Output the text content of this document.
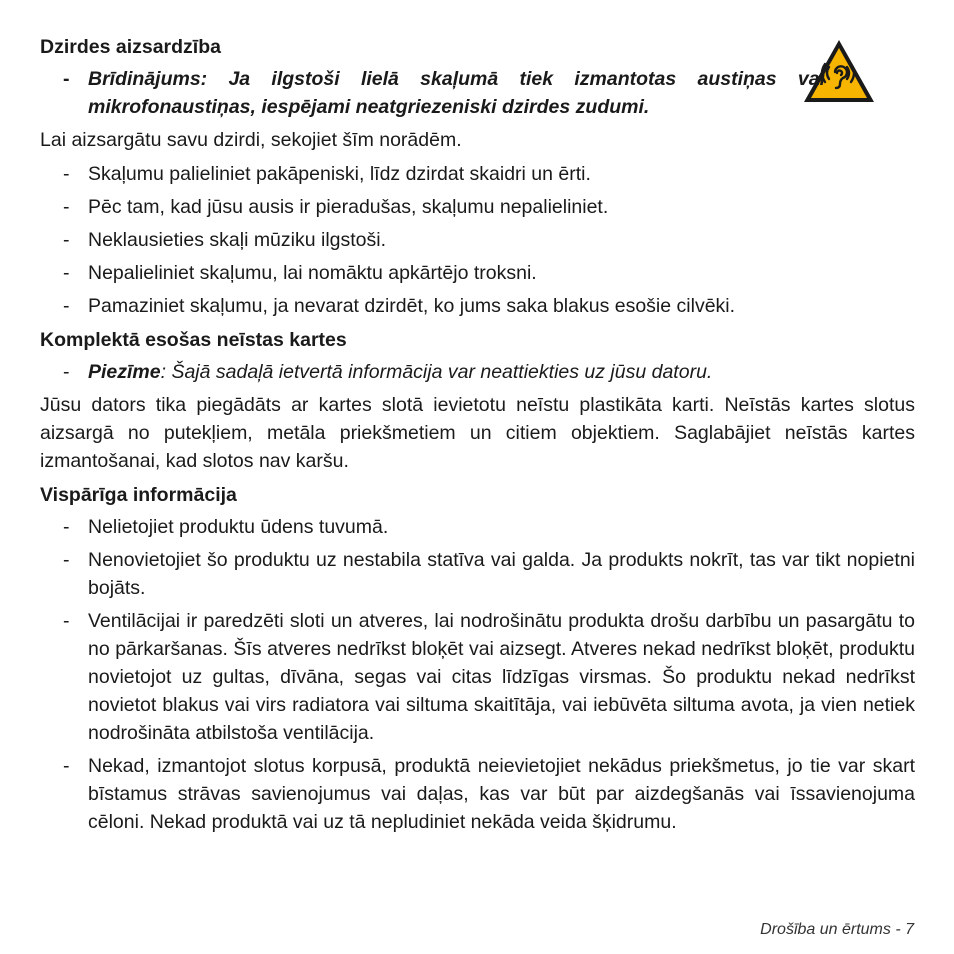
Dzirdes aizsardzība
- Brīdinājums: Ja ilgstoši lielā skaļumā tiek izmantotas austiņas vai mikrofonaustiņas, iespējami neatgriezeniski dzirdes zudumi.

Lai aizsargātu savu dzirdi, sekojiet šīm norādēm.

- Skaļumu palieliniet pakāpeniski, līdz dzirdat skaidri un ērti.
- Pēc tam, kad jūsu ausis ir pieradušas, skaļumu nepalieliniet.
- Neklausieties skaļi mūziku ilgstoši.
- Nepalieliniet skaļumu, lai nomāktu apkārtējo troksni.
- Pamaziniet skaļumu, ja nevarat dzirdēt, ko jums saka blakus esošie cilvēki.
Komplektā esošas neīstas kartes
- Piezīme: Šajā sadaļā ietvertā informācija var neattiekties uz jūsu datoru.

Jūsu dators tika piegādāts ar kartes slotā ievietotu neīstu plastikāta karti. Neīstās kartes slotus aizsargā no putekļiem, metāla priekšmetiem un citiem objektiem. Saglabājiet neīstās kartes izmantošanai, kad slotos nav karšu.

Vispārīga informācija
- Nelietojiet produktu ūdens tuvumā.
- Nenovietojiet šo produktu uz nestabila statīva vai galda. Ja produkts nokrīt, tas var tikt nopietni bojāts.
- Ventilācijai ir paredzēti sloti un atveres, lai nodrošinātu produkta drošu darbību un pasargātu to no pārkaršanas. Šīs atveres nedrīkst bloķēt vai aizsegt. Atveres nekad nedrīkst bloķēt, produktu novietojot uz gultas, dīvāna, segas vai citas līdzīgas virsmas. Šo produktu nekad nedrīkst novietot blakus vai virs radiatora vai siltuma skaitītāja, vai iebūvēta siltuma avota, ja vien netiek nodrošināta atbilstoša ventilācija.
- Nekad, izmantojot slotus korpusā, produktā neievietojiet nekādus priekšmetus, jo tie var skart bīstamus strāvas savienojumus vai daļas, kas var būt par aizdegšanās vai īssavienojuma cēloni. Nekad produktā vai uz tā nepludiniet nekāda veida šķidrumu.
Drošība un ērtums - 7
